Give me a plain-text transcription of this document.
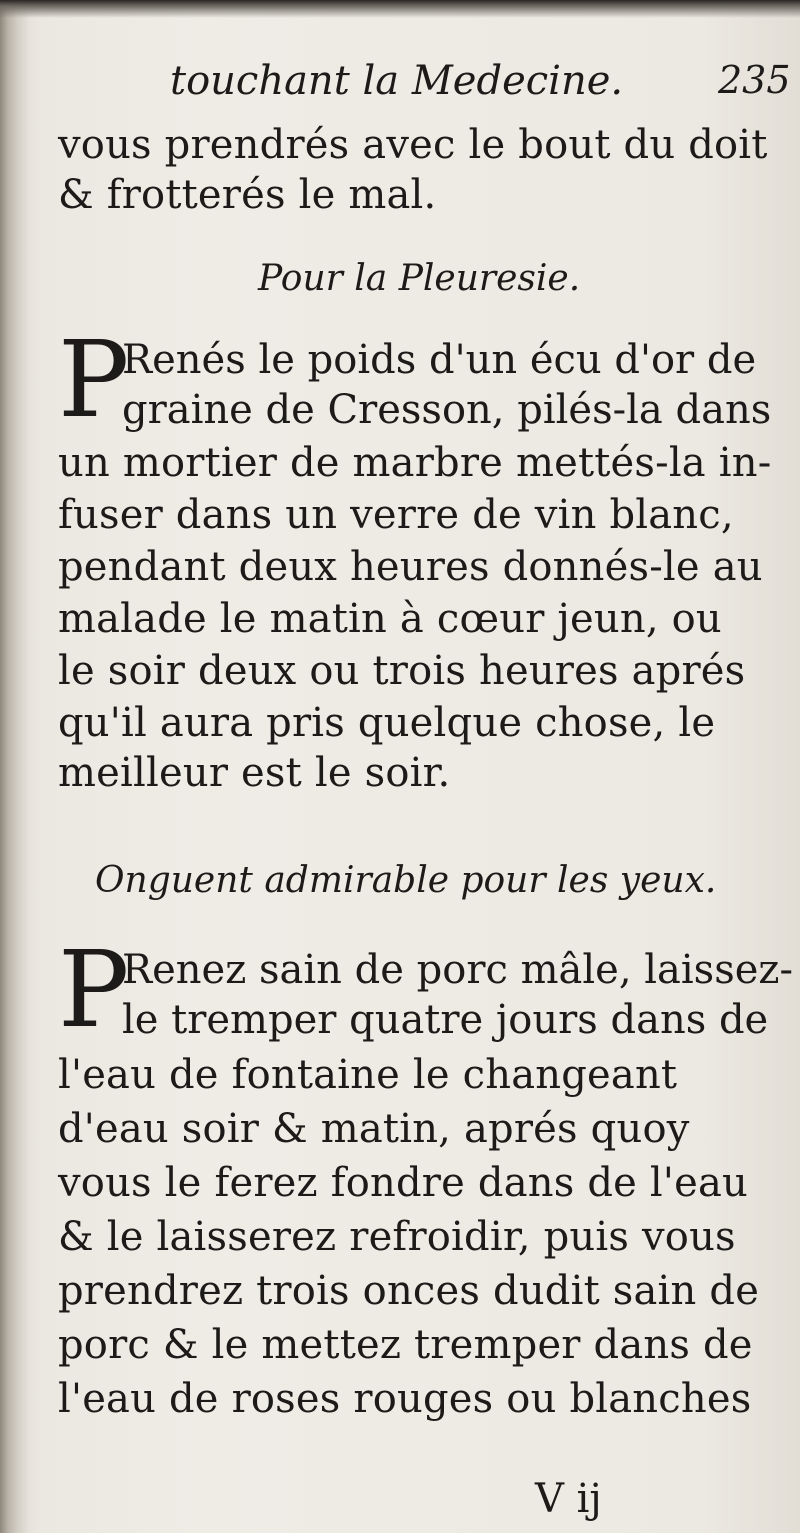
touchant la Medecine. 235
vous prendrés avec le bout du doit
& frotterés le mal.
Pour la Pleuresie.
P
Renés le poids d'un écu d'or de
graine de Cresson, pilés-la dans
un mortier de marbre mettés-la in-
fuser dans un verre de vin blanc,
pendant deux heures donnés-le au
malade le matin à cœur jeun, ou
le soir deux ou trois heures aprés
qu'il aura pris quelque chose, le
meilleur est le soir.
Onguent admirable pour les yeux.
P
Renez sain de porc mâle, laissez-
le tremper quatre jours dans de
l'eau de fontaine le changeant
d'eau soir & matin, aprés quoy
vous le ferez fondre dans de l'eau
& le laisserez refroidir, puis vous
prendrez trois onces dudit sain de
porc & le mettez tremper dans de
l'eau de roses rouges ou blanches
V ij
